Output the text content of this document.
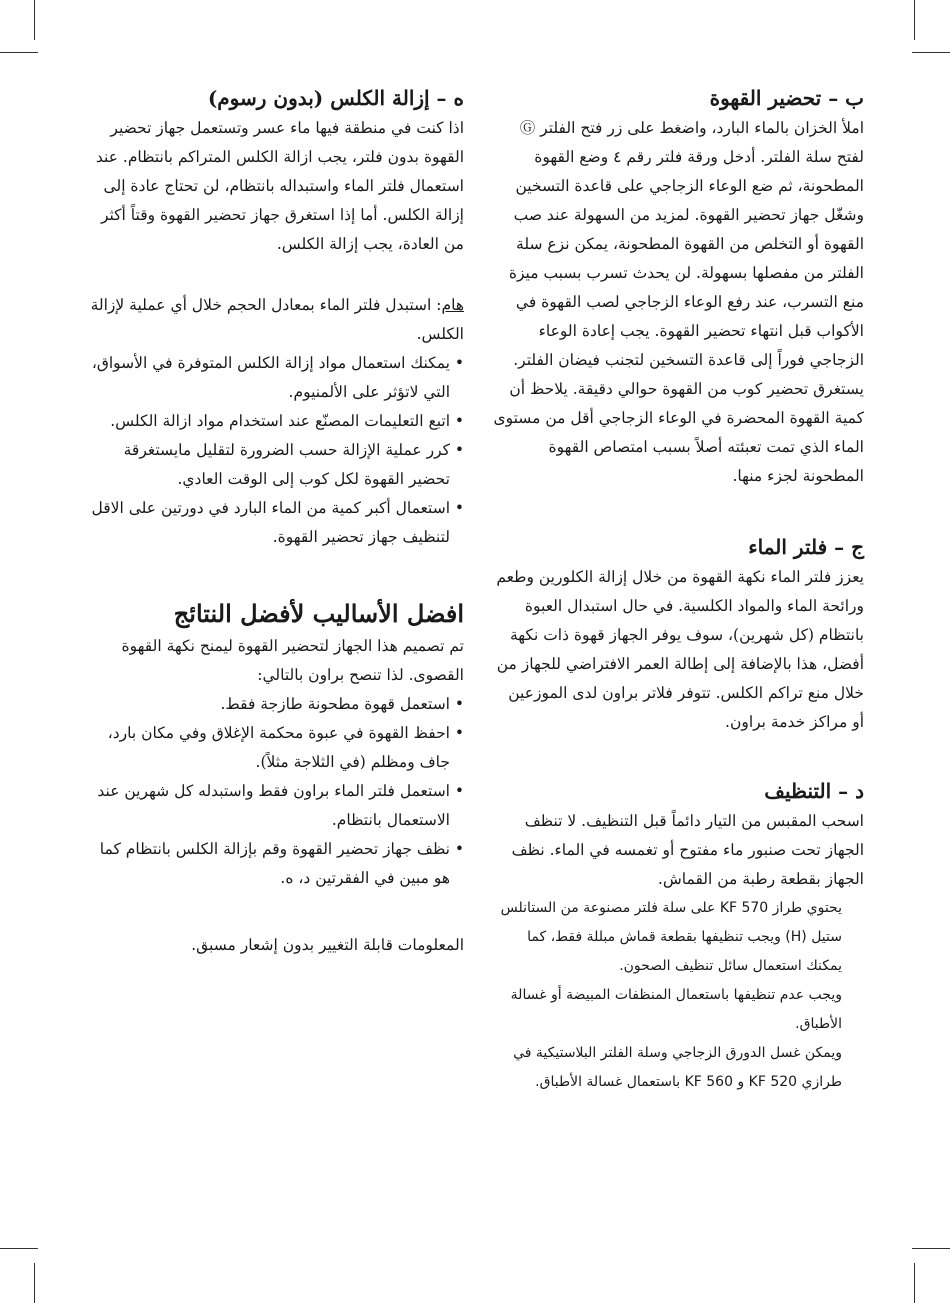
ب – تحضير القهوة

املأ الخزان بالماء البارد، واضغط على زر فتح الفلتر Ⓖ لفتح سلة الفلتر. أدخل ورقة فلتر رقم ٤ وضع القهوة المطحونة، ثم ضع الوعاء الزجاجي على قاعدة التسخين وشغّل جهاز تحضير القهوة. لمزيد من السهولة عند صب القهوة أو التخلص من القهوة المطحونة، يمكن نزع سلة الفلتر من مفصلها بسهولة. لن يحدث تسرب بسبب ميزة منع التسرب، عند رفع الوعاء الزجاجي لصب القهوة في الأكواب قبل انتهاء تحضير القهوة. يجب إعادة الوعاء الزجاجي فوراً إلى قاعدة التسخين لتجنب فيضان الفلتر.

يستغرق تحضير كوب من القهوة حوالي دقيقة. يلاحظ أن كمية القهوة المحضرة في الوعاء الزجاجي أقل من مستوى الماء الذي تمت تعبئته أصلاً بسبب امتصاص القهوة المطحونة لجزء منها.

ج – فلتر الماء

يعزز فلتر الماء نكهة القهوة من خلال إزالة الكلورين وطعم ورائحة الماء والمواد الكلسية. في حال استبدال العبوة بانتظام (كل شهرين)، سوف يوفر الجهاز قهوة ذات نكهة أفضل، هذا بالإضافة إلى إطالة العمر الافتراضي للجهاز من خلال منع تراكم الكلس. تتوفر فلاتر براون لدى الموزعين أو مراكز خدمة براون.

د – التنظيف

اسحب المقبس من التيار دائماً قبل التنظيف. لا تنظف الجهاز تحت صنبور ماء مفتوح أو تغمسه في الماء. نظف الجهاز بقطعة رطبة من القماش.

يحتوي طراز KF 570 على سلة فلتر مصنوعة من الستانلس ستيل (H) ويجب تنظيفها بقطعة قماش مبللة فقط، كما يمكنك استعمال سائل تنظيف الصحون.

ويجب عدم تنظيفها باستعمال المنظفات المبيضة أو غسالة الأطباق.

ويمكن غسل الدورق الزجاجي وسلة الفلتر البلاستيكية في طرازي KF 520 و KF 560 باستعمال غسالة الأطباق.

ه – إزالة الكلس (بدون رسوم)

اذا كنت في منطقة فيها ماء عسر وتستعمل جهاز تحضير القهوة بدون فلتر، يجب ازالة الكلس المتراكم بانتظام. عند استعمال فلتر الماء واستبداله بانتظام، لن تحتاج عادة إلى إزالة الكلس. أما إذا استغرق جهاز تحضير القهوة وقتاً أكثر من العادة، يجب إزالة الكلس.

هام: استبدل فلتر الماء بمعادل الحجم خلال أي عملية لإزالة الكلس.

• يمكنك استعمال مواد إزالة الكلس المتوفرة في الأسواق، التي لاتؤثر على الألمنيوم.
• اتبع التعليمات المصنّع عند استخدام مواد ازالة الكلس.
• كرر عملية الإزالة حسب الضرورة لتقليل مايستغرقة تحضير القهوة لكل كوب إلى الوقت العادي.
• استعمال أكبر كمية من الماء البارد في دورتين على الاقل لتنظيف جهاز تحضير القهوة.
افضل الأساليب لأفضل النتائج

تم تصميم هذا الجهاز لتحضير القهوة ليمنح نكهة القهوة القصوى. لذا تنصح براون بالتالي:

• استعمل قهوة مطحونة طازجة فقط.
• احفظ القهوة في عبوة محكمة الإغلاق وفي مكان بارد، جاف ومظلم (في الثلاجة مثلاً).
• استعمل فلتر الماء براون فقط واستبدله كل شهرين عند الاستعمال بانتظام.
• نظف جهاز تحضير القهوة وقم بإزالة الكلس بانتظام كما هو مبين في الفقرتين د، ه.

المعلومات قابلة التغيير بدون إشعار مسبق.
